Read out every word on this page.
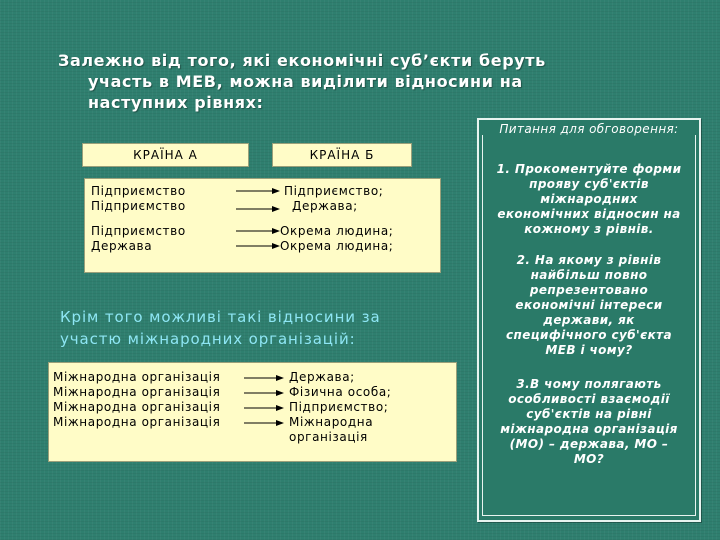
Залежно від того, які економічні суб’єкти беруть
участь в МЕВ, можна виділити відносини на
наступних рівнях:
КРАЇНА А	КРАЇНА Б
Підприємство
Підприємство
Підприємство
Держава
Підприємство;
Держава;
Окрема людина;
Окрема людина;
Крім того можливі такі відносини за
участю міжнародних організацій:
Міжнародна організація
Міжнародна організація
Міжнародна організація
Міжнародна організація
Держава;
Фізична особа;
Підприємство;
Міжнародна
організація
Питання для обговорення:
1. Прокоментуйте форми
прояву суб'єктів
міжнародних
економічних відносин на
кожному з рівнів.
2. На якому з рівнів
найбільш повно
репрезентовано
економічні інтереси
держави, як
специфічного суб'єкта
МЕВ і чому?
3.В чому полягають
особливості взаємодії
суб'єктів на рівні
міжнародна організація
(МО) – держава, МО –
МО?
